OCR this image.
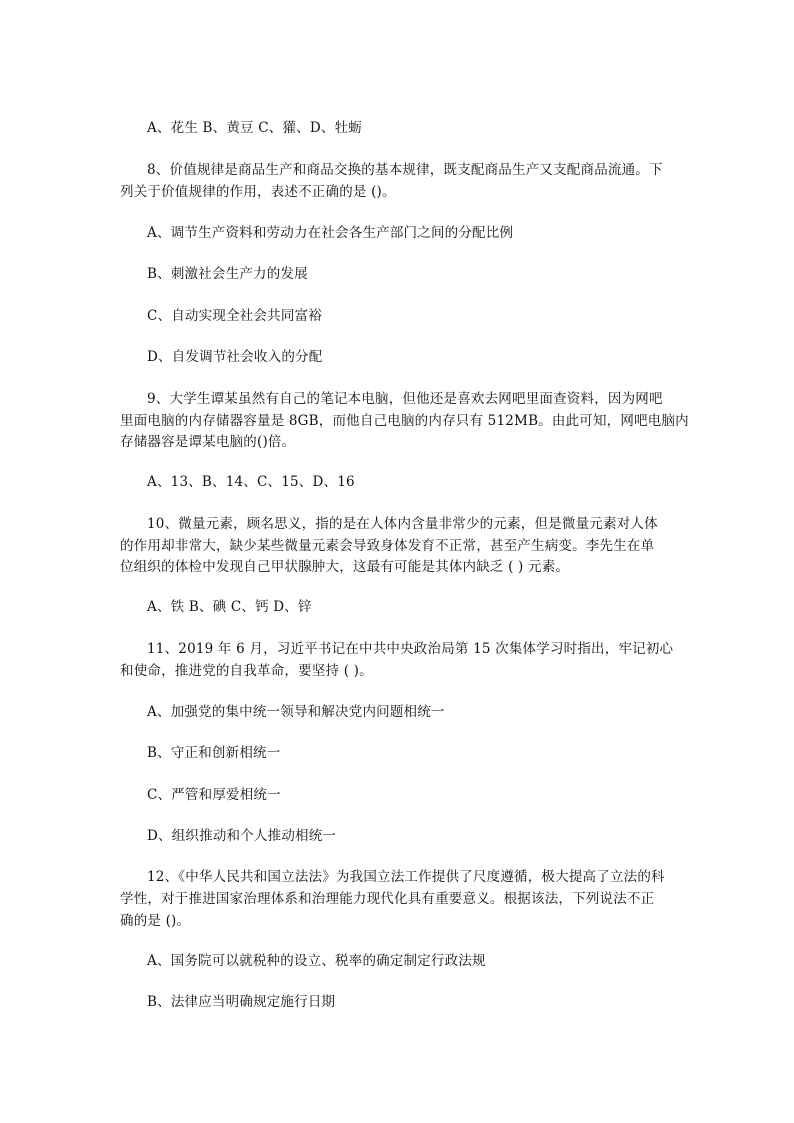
A、花生 B、黄豆 C、獾、D、牡蛎
8、价值规律是商品生产和商品交换的基本规律，既支配商品生产又支配商品流通。下
列关于价值规律的作用，表述不正确的是 ()。
A、调节生产资料和劳动力在社会各生产部门之间的分配比例
B、刺激社会生产力的发展
C、自动实现全社会共同富裕
D、自发调节社会收入的分配
9、大学生谭某虽然有自己的笔记本电脑，但他还是喜欢去网吧里面查资料，因为网吧
里面电脑的内存储器容量是 8GB，而他自己电脑的内存只有 512MB。由此可知，网吧电脑内
存储器容是谭某电脑的()倍。
A、13、B、14、C、15、D、16
10、微量元素，顾名思义，指的是在人体内含量非常少的元素，但是微量元素对人体
的作用却非常大，缺少某些微量元素会导致身体发育不正常，甚至产生病变。李先生在单
位组织的体检中发现自己甲状腺肿大，这最有可能是其体内缺乏 ( ) 元素。
A、铁 B、碘 C、钙 D、锌
11、2019 年 6 月，习近平书记在中共中央政治局第 15 次集体学习时指出，牢记初心
和使命，推进党的自我革命，要坚持 ( )。
A、加强党的集中统一领导和解决党内问题相统一
B、守正和创新相统一
C、严管和厚爱相统一
D、组织推动和个人推动相统一
12、《中华人民共和国立法法》为我国立法工作提供了尺度遵循，极大提高了立法的科
学性，对于推进国家治理体系和治理能力现代化具有重要意义。根据该法，下列说法不正
确的是 ()。
A、国务院可以就税种的设立、税率的确定制定行政法规
B、法律应当明确规定施行日期
